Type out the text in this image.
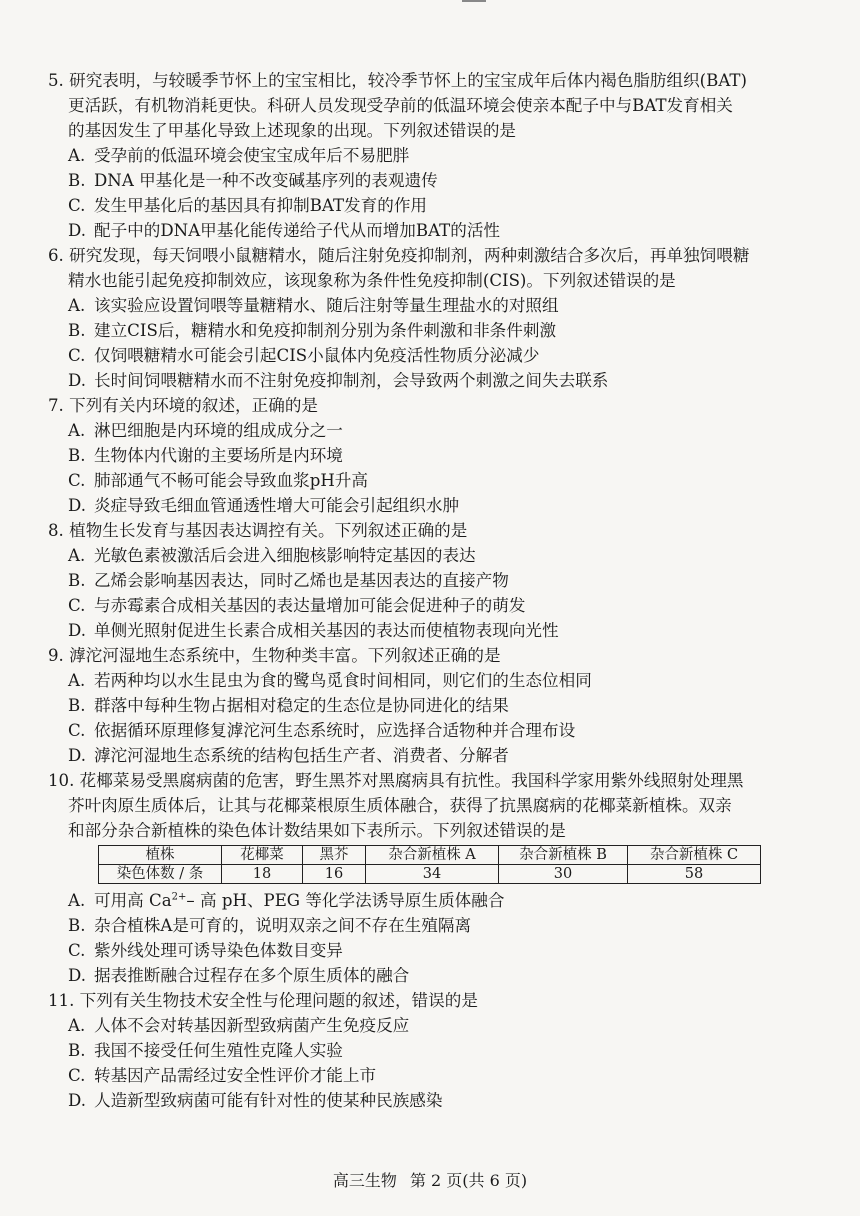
5. 研究表明，与较暖季节怀上的宝宝相比，较冷季节怀上的宝宝成年后体内褐色脂肪组织(BAT)
更活跃，有机物消耗更快。科研人员发现受孕前的低温环境会使亲本配子中与BAT发育相关
的基因发生了甲基化导致上述现象的出现。下列叙述错误的是
A. 受孕前的低温环境会使宝宝成年后不易肥胖
B. DNA 甲基化是一种不改变碱基序列的表观遗传
C. 发生甲基化后的基因具有抑制BAT发育的作用
D. 配子中的DNA甲基化能传递给子代从而增加BAT的活性
6. 研究发现，每天饲喂小鼠糖精水，随后注射免疫抑制剂，两种刺激结合多次后，再单独饲喂糖
精水也能引起免疫抑制效应，该现象称为条件性免疫抑制(CIS)。下列叙述错误的是
A. 该实验应设置饲喂等量糖精水、随后注射等量生理盐水的对照组
B. 建立CIS后，糖精水和免疫抑制剂分别为条件刺激和非条件刺激
C. 仅饲喂糖精水可能会引起CIS小鼠体内免疫活性物质分泌减少
D. 长时间饲喂糖精水而不注射免疫抑制剂，会导致两个刺激之间失去联系
7. 下列有关内环境的叙述，正确的是
A. 淋巴细胞是内环境的组成成分之一
B. 生物体内代谢的主要场所是内环境
C. 肺部通气不畅可能会导致血浆pH升高
D. 炎症导致毛细血管通透性增大可能会引起组织水肿
8. 植物生长发育与基因表达调控有关。下列叙述正确的是
A. 光敏色素被激活后会进入细胞核影响特定基因的表达
B. 乙烯会影响基因表达，同时乙烯也是基因表达的直接产物
C. 与赤霉素合成相关基因的表达量增加可能会促进种子的萌发
D. 单侧光照射促进生长素合成相关基因的表达而使植物表现向光性
9. 滹沱河湿地生态系统中，生物种类丰富。下列叙述正确的是
A. 若两种均以水生昆虫为食的鹭鸟觅食时间相同，则它们的生态位相同
B. 群落中每种生物占据相对稳定的生态位是协同进化的结果
C. 依据循环原理修复滹沱河生态系统时，应选择合适物种并合理布设
D. 滹沱河湿地生态系统的结构包括生产者、消费者、分解者
10. 花椰菜易受黑腐病菌的危害，野生黑芥对黑腐病具有抗性。我国科学家用紫外线照射处理黑
芥叶肉原生质体后，让其与花椰菜根原生质体融合，获得了抗黑腐病的花椰菜新植株。双亲
和部分杂合新植株的染色体计数结果如下表所示。下列叙述错误的是
植株	花椰菜	黑芥	杂合新植株 A	杂合新植株 B	杂合新植株 C
染色体数 / 条	18	16	34	30	58
A. 可用高 $Ca^{2+}-$ 高 pH、PEG 等化学法诱导原生质体融合
B. 杂合植株A是可育的，说明双亲之间不存在生殖隔离
C. 紫外线处理可诱导染色体数目变异
D. 据表推断融合过程存在多个原生质体的融合
11. 下列有关生物技术安全性与伦理问题的叙述，错误的是
A. 人体不会对转基因新型致病菌产生免疫反应
B. 我国不接受任何生殖性克隆人实验
C. 转基因产品需经过安全性评价才能上市
D. 人造新型致病菌可能有针对性的使某种民族感染
高三生物 第 2 页(共 6 页)
